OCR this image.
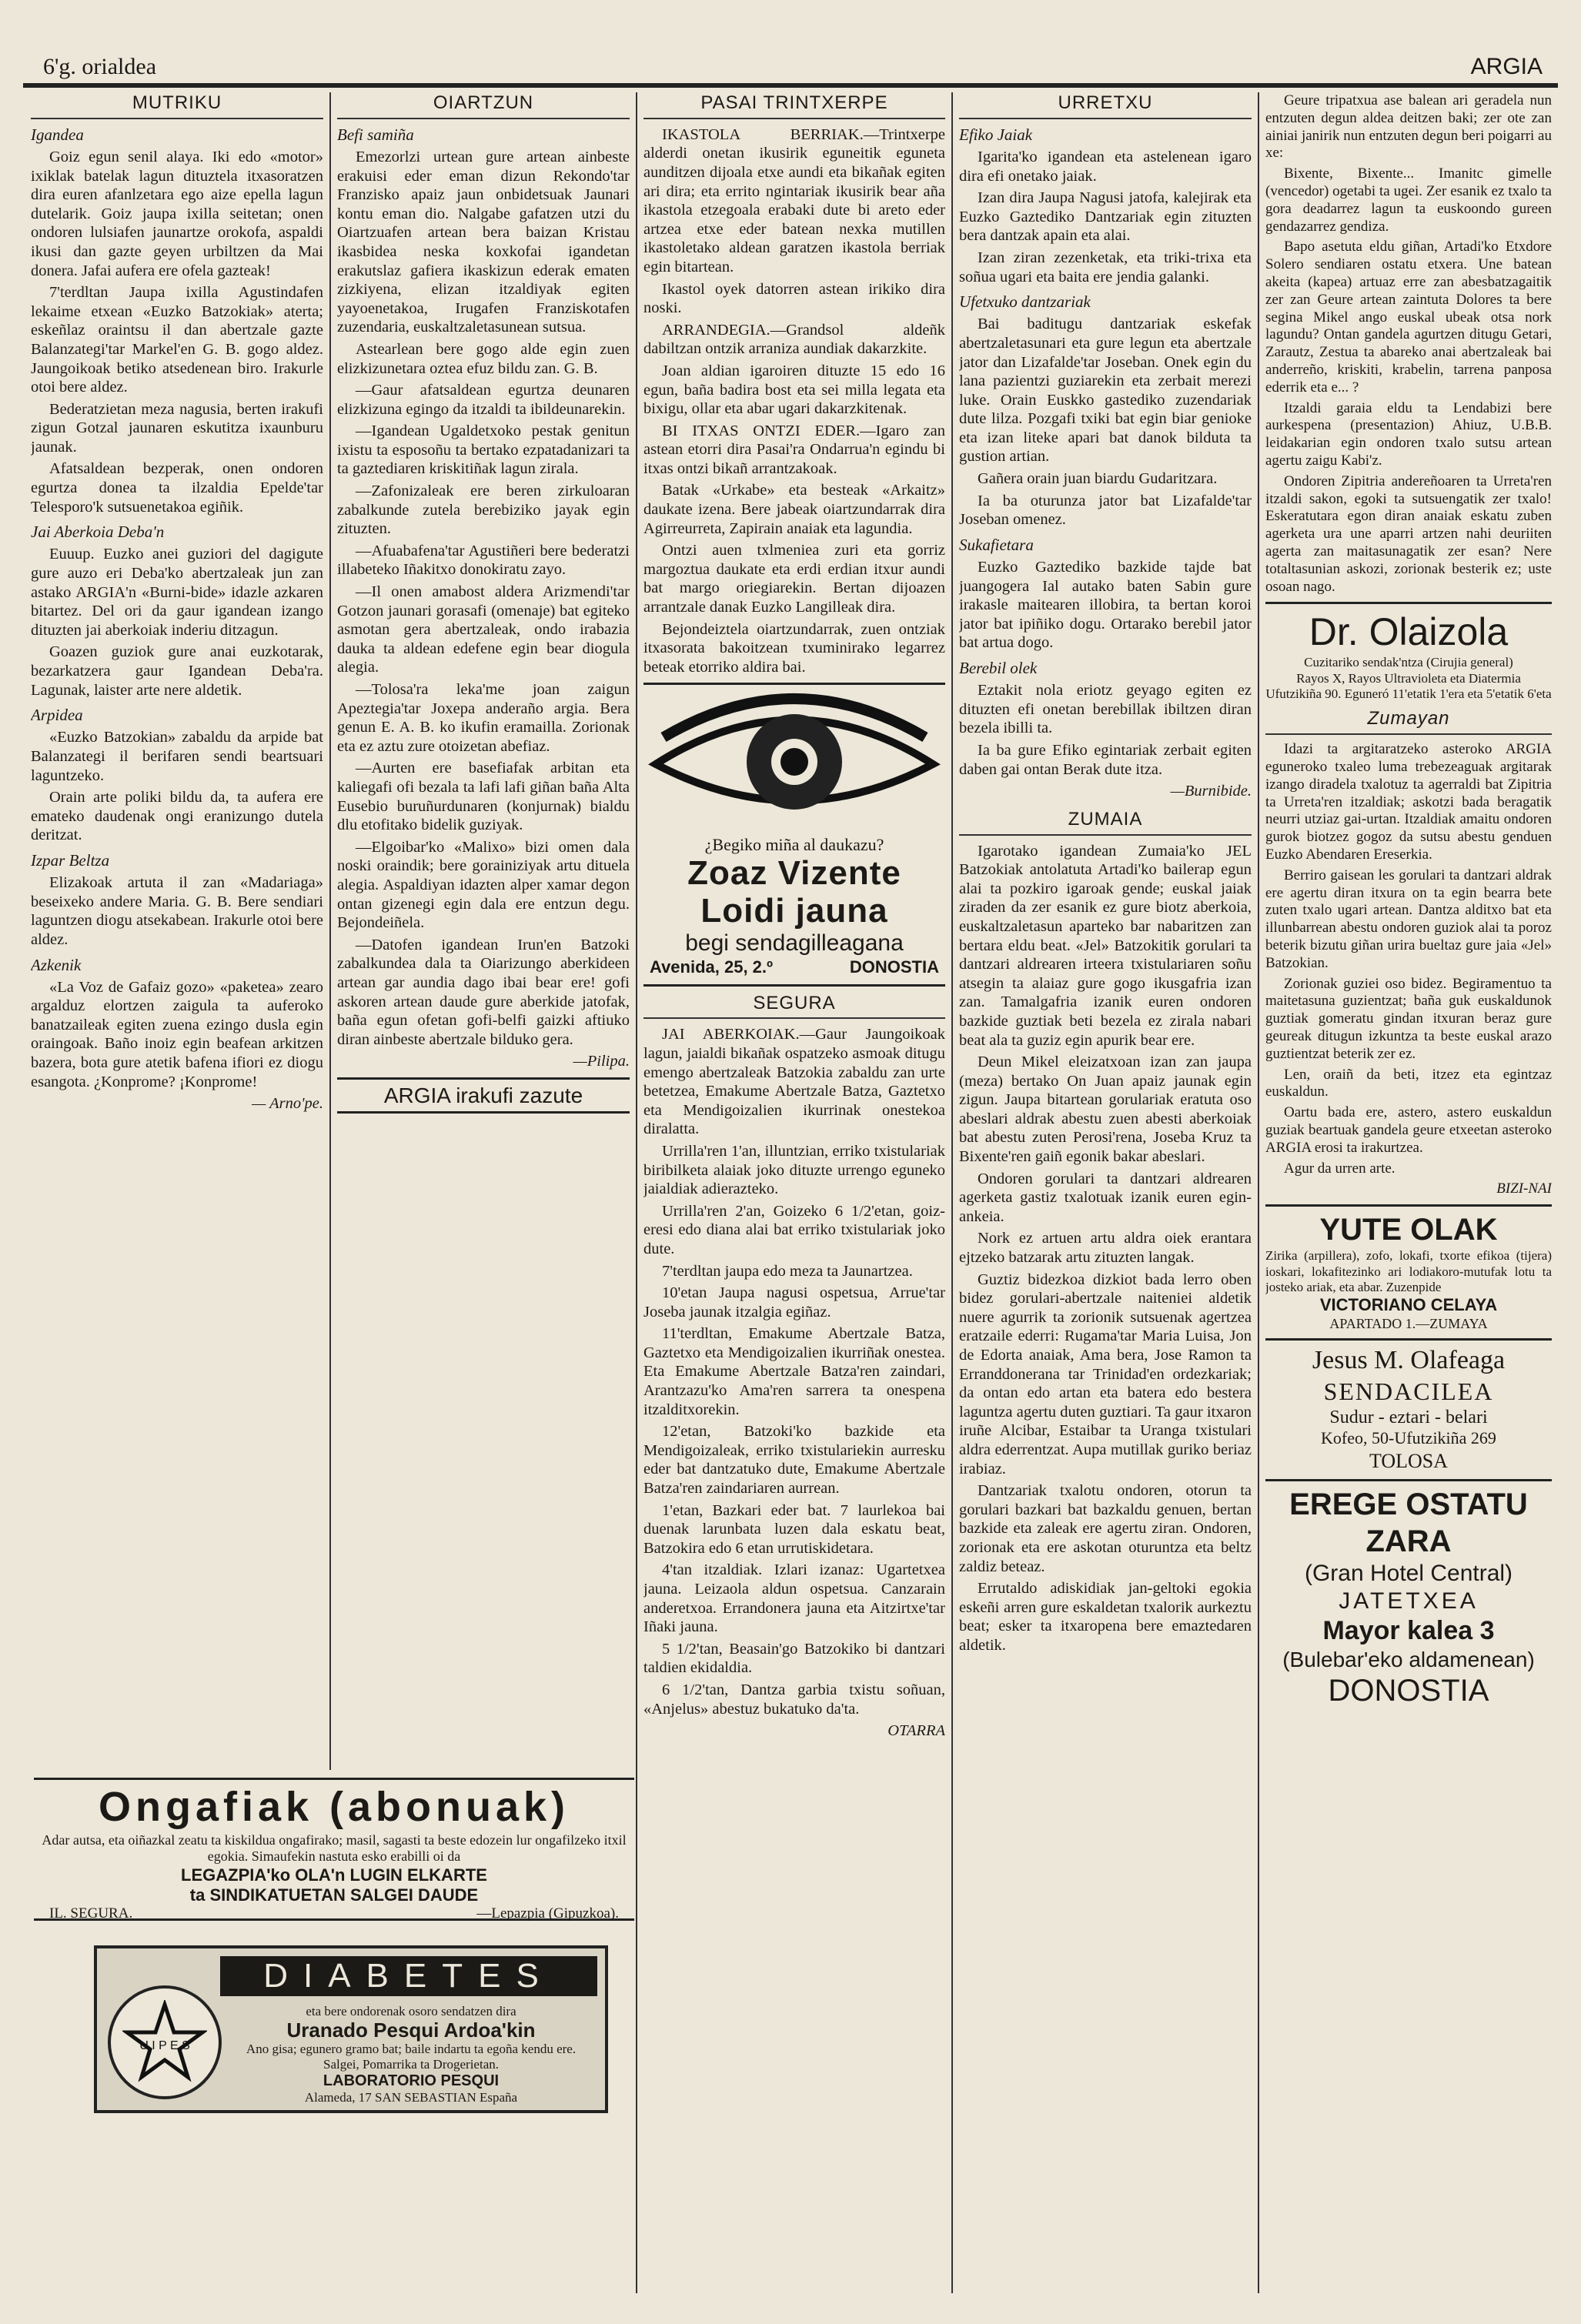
6'g. orialdea	ARGIA
MUTRIKU
Igandea

Goiz egun senil alaya. Iki edo «motor» ixiklak batelak lagun dituztela itxasoratzen dira euren afanlzetara ego aize epella lagun dutelarik. Goiz jaupa ixilla seitetan; onen ondoren lulsiafen jaunartze orokofa, aspaldi ikusi dan gazte geyen urbiltzen da Mai donera. Jafai aufera ere ofela gazteak!

7'terdltan Jaupa ixilla Agustindafen lekaime etxean «Euzko Batzokiak» aterta; eskeñlaz oraintsu il dan abertzale gazte Balanzategi'tar Markel'en G. B. gogo aldez. Jaungoikoak betiko atsedenean biro. Irakurle otoi bere aldez.

Bederatzietan meza nagusia, berten irakufi zigun Gotzal jaunaren eskutitza ixaunburu jaunak.

Afatsaldean bezperak, onen ondoren egurtza donea ta ilzaldia Epelde'tar Telesporo'k sutsuenetakoa egiñik.

Jai Aberkoia Deba'n

Euuup. Euzko anei guziori del dagigute gure auzo eri Deba'ko abertzaleak jun zan astako ARGIA'n «Burni-bide» idazle azkaren bitartez. Del ori da gaur igandean izango dituzten jai aberkoiak inderiu ditzagun.

Goazen guziok gure anai euzkotarak, bezarkatzera gaur Igandean Deba'ra. Lagunak, laister arte nere aldetik.

Arpidea

«Euzko Batzokian» zabaldu da arpide bat Balanzategi il berifaren sendi beartsuari laguntzeko.

Orain arte poliki bildu da, ta aufera ere emateko daudenak ongi eranizungo dutela deritzat.

Izpar Beltza

Elizakoak artuta il zan «Madariaga» beseixeko andere Maria. G. B. Bere sendiari laguntzen diogu atsekabean. Irakurle otoi bere aldez.

Azkenik

«La Voz de Gafaiz gozo» «paketea» zearo argalduz elortzen zaigula ta auferoko banatzaileak egiten zuena ezingo dusla egin oraingoak. Baño inoiz egin beafean arkitzen bazera, bota gure atetik bafena ifiori ez diogu esangota. ¿Konprome? ¡Konprome!

— Arno'pe.
OIARTZUN
Befi samiña

Emezorlzi urtean gure artean ainbeste erakuisi eder eman dizun Rekondo'tar Franzisko apaiz jaun onbidetsuak Jaunari kontu eman dio. Nalgabe gafatzen utzi du Oiartzuafen artean bera baizan Kristau ikasbidea neska koxkofai igandetan erakutslaz gafiera ikaskizun ederak ematen zizkiyena, elizan itzaldiyak egiten yayoenetakoa, Irugafen Franziskotafen zuzendaria, euskaltzaletasunean sutsua.

Astearlean bere gogo alde egin zuen elizkizunetara oztea efuz bildu zan. G. B.

—Gaur afatsaldean egurtza deunaren elizkizuna egingo da itzaldi ta ibildeunarekin.

—Igandean Ugaldetxoko pestak genitun ixistu ta esposoñu ta bertako ezpatadanizari ta ta gaztediaren kriskitiñak lagun zirala.

—Zafonizaleak ere beren zirkuloaran zabalkunde zutela berebiziko jayak egin zituzten.

—Afuabafena'tar Agustiñeri bere bederatzi illabeteko Iñakitxo donokiratu zayo.

—Il onen amabost aldera Arizmendi'tar Gotzon jaunari gorasafi (omenaje) bat egiteko asmotan gera abertzaleak, ondo irabazia dauka ta aldean edefene egin bear diogula alegia.

—Tolosa'ra leka'me joan zaigun Apeztegia'tar Joxepa anderaño argia. Bera genun E. A. B. ko ikufin eramailla. Zorionak eta ez aztu zure otoizetan abefiaz.

—Aurten ere basefiafak arbitan eta kaliegafi ofi bezala ta lafi lafi giñan baña Alta Eusebio buruñurdunaren (konjurnak) bialdu dlu etofitako bidelik guziyak.

—Elgoibar'ko «Malixo» bizi omen dala noski oraindik; bere gorainiziyak artu dituela alegia. Aspaldiyan idazten alper xamar degon ontan gizenegi egin dala ere entzun degu. Bejondeiñela.

—Datofen igandean Irun'en Batzoki zabalkundea dala ta Oiarizungo aberkideen artean gar aundia dago ibai bear ere! gofi askoren artean daude gure aberkide jatofak, baña egun ofetan gofi-belfi gaizki aftiuko diran ainbeste abertzale bilduko gera.

—Pilipa.
ARGIA irakufi zazute
PASAI TRINTXERPE

IKASTOLA BERRIAK.—Trintxerpe alderdi onetan ikusirik eguneitik eguneta aunditzen dijoala etxe aundi eta bikañak egiten ari dira; eta errito ngintariak ikusirik bear aña ikastola etzegoala erabaki dute bi areto eder artzea etxe eder batean nexka mutillen ikastoletako aldean garatzen ikastola berriak egin bitartean.

Ikastol oyek datorren astean irikiko dira noski.

ARRANDEGIA.—Grandsol aldeñk dabiltzan ontzik arraniza aundiak dakarzkite.

Joan aldian igaroiren dituzte 15 edo 16 egun, baña badira bost eta sei milla legata eta bixigu, ollar eta abar ugari dakarzkitenak.

BI ITXAS ONTZI EDER.—Igaro zan astean etorri dira Pasai'ra Ondarrua'n egindu bi itxas ontzi bikañ arrantzakoak.

Batak «Urkabe» eta besteak «Arkaitz» daukate izena. Bere jabeak oiartzundarrak dira Agirreurreta, Zapirain anaiak eta lagundia.

Ontzi auen txlmeniea zuri eta gorriz margoztua daukate eta erdi erdian itxur aundi bat margo oriegiarekin. Bertan dijoazen arrantzale danak Euzko Langilleak dira.

Bejondeiztela oiartzundarrak, zuen ontziak itxasorata bakoitzean txuminirako legarrez beteak etorriko aldira bai.

¿Begiko miña al daukazu?
Zoaz Vizente Loidi jauna
begi sendagilleagana
Avenida, 25, 2.º	DONOSTIA
SEGURA

JAI ABERKOIAK.—Gaur Jaungoikoak lagun, jaialdi bikañak ospatzeko asmoak ditugu emengo abertzaleak Batzokia zabaldu zan urte betetzea, Emakume Abertzale Batza, Gaztetxo eta Mendigoizalien ikurrinak onestekoa diralatta.

Urrilla'ren 1'an, illuntzian, erriko txistulariak biribilketa alaiak joko dituzte urrengo eguneko jaialdiak adierazteko.

Urrilla'ren 2'an, Goizeko 6 1/2'etan, goiz-eresi edo diana alai bat erriko txistulariak joko dute.

7'terdltan jaupa edo meza ta Jaunartzea.

10'etan Jaupa nagusi ospetsua, Arrue'tar Joseba jaunak itzalgia egiñaz.

11'terdltan, Emakume Abertzale Batza, Gaztetxo eta Mendigoizalien ikurriñak onestea. Eta Emakume Abertzale Batza'ren zaindari, Arantzazu'ko Ama'ren sarrera ta onespena itzalditxorekin.

12'etan, Batzoki'ko bazkide eta Mendigoizaleak, erriko txistulariekin aurresku eder bat dantzatuko dute, Emakume Abertzale Batza'ren zaindariaren aurrean.

1'etan, Bazkari eder bat. 7 laurlekoa bai duenak larunbata luzen dala eskatu beat, Batzokira edo 6 etan urrutiskidetara.

4'tan itzaldiak. Izlari izanaz: Ugartetxea jauna. Leizaola aldun ospetsua. Canzarain anderetxoa. Errandonera jauna eta Aitzirtxe'tar Iñaki jauna.

5 1/2'tan, Beasain'go Batzokiko bi dantzari taldien ekidaldia.

6 1/2'tan, Dantza garbia txistu soñuan, «Anjelus» abestuz bukatuko da'ta.

OTARRA
URRETXU
Efiko Jaiak

Igarita'ko igandean eta astelenean igaro dira efi onetako jaiak.

Izan dira Jaupa Nagusi jatofa, kalejirak eta Euzko Gaztediko Dantzariak egin zituzten bera dantzak apain eta alai.

Izan ziran zezenketak, eta triki-trixa eta soñua ugari eta baita ere jendia galanki.

Ufetxuko dantzariak

Bai baditugu dantzariak eskefak abertzaletasunari eta gure legun eta abertzale jator dan Lizafalde'tar Joseban. Onek egin du lana pazientzi guziarekin eta zerbait merezi luke. Orain Euskko gastediko zuzendariak dute lilza. Pozgafi txiki bat egin biar genioke eta izan liteke apari bat danok bilduta ta gustion artian.

Gañera orain juan biardu Gudaritzara.

Ia ba oturunza jator bat Lizafalde'tar Joseban omenez.

Sukafietara

Euzko Gaztediko bazkide tajde bat juangogera Ial autako baten Sabin gure irakasle maitearen illobira, ta bertan koroi jator bat ipiñiko dogu. Ortarako berebil jator bat artua dogo.

Berebil olek

Eztakit nola eriotz geyago egiten ez dituzten efi onetan berebillak ibiltzen diran bezela ibilli ta.

Ia ba gure Efiko egintariak zerbait egiten daben gai ontan Berak dute itza.

—Burnibide.
ZUMAIA

Igarotako igandean Zumaia'ko JEL Batzokiak antolatuta Artadi'ko bailerap egun alai ta pozkiro igaroak gende; euskal jaiak ziraden da zer esanik ez gure biotz aberkoia, euskaltzaletasun aparteko bar nabaritzen zan bertara eldu beat. «Jel» Batzokitik gorulari ta dantzari aldrearen irteera txistulariaren soñu atsegin ta alaiaz gure gogo ikusgafria izan zan. Tamalgafria izanik euren ondoren bazkide guztiak beti bezela ez zirala nabari beat ala ta guziz egin apurik bear ere.

Deun Mikel eleizatxoan izan zan jaupa (meza) bertako On Juan apaiz jaunak egin zigun. Jaupa bitartean gorulariak eratuta oso abeslari aldrak abestu zuen abesti aberkoiak bat abestu zuten Perosi'rena, Joseba Kruz ta Bixente'ren gaiñ egonik bakar abeslari.

Ondoren gorulari ta dantzari aldrearen agerketa gastiz txalotuak izanik euren egin-ankeia.

Nork ez artuen artu aldra oiek erantara ejtzeko batzarak artu zituzten langak.

Guztiz bidezkoa dizkiot bada lerro oben bidez gorulari-abertzale naiteniei aldetik nuere agurrik ta zorionik sutsuenak agertzea eratzaile ederri: Rugama'tar Maria Luisa, Jon de Edorta anaiak, Ama bera, Jose Ramon ta Erranddonerana tar Trinidad'en ordezkariak; da ontan edo artan eta batera edo bestera laguntza agertu duten guztiari. Ta gaur itxaron iruñe Alcibar, Estaibar ta Uranga txistulari aldra ederrentzat. Aupa mutillak guriko beriaz irabiaz.

Dantzariak txalotu ondoren, otorun ta gorulari bazkari bat bazkaldu genuen, bertan bazkide eta zaleak ere agertu ziran. Ondoren, zorionak eta ere askotan oturuntza eta beltz zaldiz beteaz.

Errutaldo adiskidiak jan-geltoki egokia eskeñi arren gure eskaldetan txalorik aurkeztu beat; esker ta itxaropena bere emaztedaren aldetik.

Geure tripatxua ase balean ari geradela nun entzuten degun aldea deitzen baki; zer ote zan ainiai janirik nun entzuten degun beri poigarri au xe:

Bixente, Bixente... Imanitc gimelle (vencedor) ogetabi ta ugei. Zer esanik ez txalo ta gora deadarrez lagun ta euskoondo gureen gendazarrez gendiza.

Bapo asetuta eldu giñan, Artadi'ko Etxdore Solero sendiaren ostatu etxera. Une batean akeita (kapea) artuaz erre zan abesbatzagaitik zer zan Geure artean zaintuta Dolores ta bere segina Mikel ango euskal ubeak otsa nork lagundu? Ontan gandela agurtzen ditugu Getari, Zarautz, Zestua ta abareko anai abertzaleak bai anderreño, kriskiti, krabelin, tarrena panposa ederrik eta e... ?

Itzaldi garaia eldu ta Lendabizi bere aurkespena (presentazion) Ahiuz, U.B.B. leidakarian egin ondoren txalo sutsu artean agertu zaigu Kabi'z.

Ondoren Zipitria andereñoaren ta Urreta'ren itzaldi sakon, egoki ta sutsuengatik zer txalo! Eskeratutara egon diran anaiak eskatu zuben agerketa ura une aparri artzen nahi deuriiten agerta zan maitasunagatik zer esan? Nere totaltasunian askozi, zorionak besterik ez; uste osoan nago.

Dr. Olaizola
Cuzitariko sendak'ntza (Cirujia general)
Rayos X, Rayos Ultravioleta eta Diatermia
Ufutzikiña 90. Eguneró 11'etatik 1'era eta 5'etatik 6'eta
Zumayan

Idazi ta argitaratzeko asteroko ARGIA eguneroko txaleo luma trebezeaguak argitarak izango diradela txalotuz ta agerraldi bat Zipitria ta Urreta'ren itzaldiak; askotzi bada beragatik neurri utziaz gai-urtan. Itzaldiak amaitu ondoren gurok biotzez gogoz da sutsu abestu genduen Euzko Abendaren Ereserkia.

Berriro gaisean les gorulari ta dantzari aldrak ere agertu diran itxura on ta egin bearra bete zuten txalo ugari artean. Dantza alditxo bat eta illunbarrean abestu ondoren guziok alai ta poroz beterik bizutu giñan urira bueltaz gure jaia «Jel» Batzokian.

Zorionak guziei oso bidez. Begiramentuo ta maitetasuna guzientzat; baña guk euskaldunok guztiak gomeratu gindan itxuran beraz gure geureak ditugun izkuntza ta beste euskal arazo guztientzat beterik zer ez.

Len, oraiñ da beti, itzez eta egintzaz euskaldun.

Oartu bada ere, astero, astero euskaldun guziak beartuak gandela geure etxeetan asteroko ARGIA erosi ta irakurtzea.

Agur da urren arte.

BIZI-NAI
YUTE OLAK
Zirika (arpillera), zofo, lokafi, txorte efikoa (tijera) ioskari, lokafitezinko ari lodiakoro-mutufak lotu ta josteko ariak, eta abar. Zuzenpide
VICTORIANO CELAYA
APARTADO 1.—ZUMAYA
Jesus M. Olafeaga
SENDACILEA
Sudur - eztari - belari
Kofeo, 50-Ufutzikiña 269
TOLOSA
EREGE OSTATU ZARA
(Gran Hotel Central)
JATETXEA
Mayor kalea 3
(Bulebar'eko aldamenean)
DONOSTIA
Ongafiak (abonuak)
Adar autsa, eta oiñazkal zeatu ta kiskildua ongafirako; masil, sagasti ta beste edozein lur ongafilzeko itxil egokia. Simaufekin nastuta esko erabilli oi da
LEGAZPIA'ko OLA'n LUGIN ELKARTE
ta SINDIKATUETAN SALGEI DAUDE
IL. SEGURA.	—Lepazpia (Gipuzkoa).
U I P E S
DIABETES
eta bere ondorenak osoro sendatzen dira
Uranado Pesqui Ardoa'kin
Ano gisa; egunero gramo bat; baile indartu ta egoña kendu ere.
Salgei, Pomarrika ta Drogerietan.
LABORATORIO PESQUI
Alameda, 17 SAN SEBASTIAN España
